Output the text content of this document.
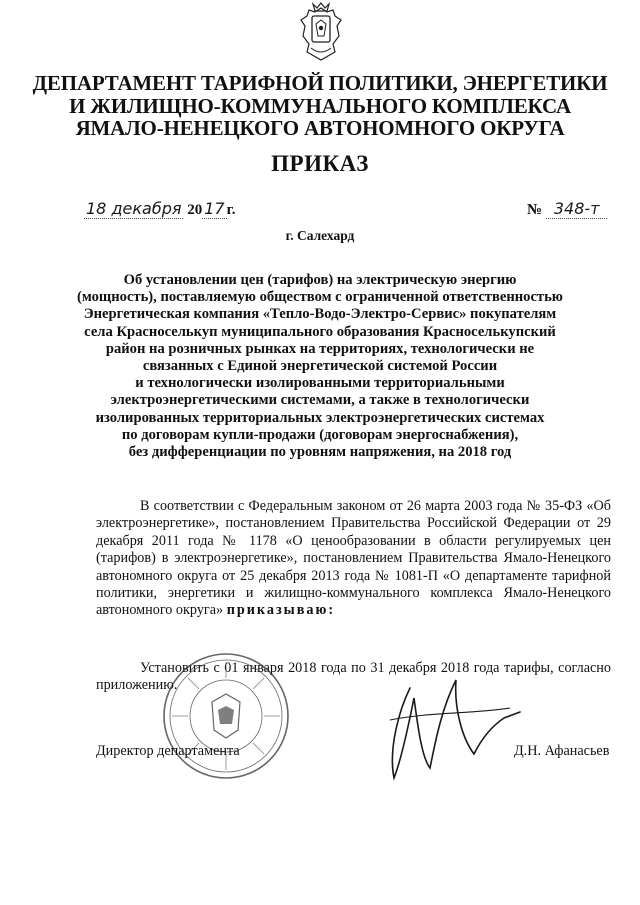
ДЕПАРТАМЕНТ ТАРИФНОЙ ПОЛИТИКИ, ЭНЕРГЕТИКИ
И ЖИЛИЩНО-КОММУНАЛЬНОГО КОМПЛЕКСА
ЯМАЛО-НЕНЕЦКОГО АВТОНОМНОГО ОКРУГА
ПРИКАЗ
18 декабря 20 17 г.	№ 348-т
г. Салехард
Об установлении цен (тарифов) на электрическую энергию
(мощность), поставляемую обществом с ограниченной ответственностью
Энергетическая компания «Тепло-Водо-Электро-Сервис» покупателям
села Красноселькуп муниципального образования Красноселькупский
район на розничных рынках на территориях, технологически не
связанных с Единой энергетической системой России
и технологически изолированными территориальными
электроэнергетическими системами, а также в технологически
изолированных территориальных электроэнергетических системах
по договорам купли-продажи (договорам энергоснабжения),
без дифференциации по уровням напряжения, на 2018 год

В соответствии с Федеральным законом от 26 марта 2003 года № 35-ФЗ «Об электроэнергетике», постановлением Правительства Российской Федерации от 29 декабря 2011 года № 1178 «О ценообразовании в области регулируемых цен (тарифов) в электроэнергетике», постановлением Правительства Ямало-Ненецкого автономного округа от 25 декабря 2013 года № 1081-П «О департаменте тарифной политики, энергетики и жилищно-коммунального комплекса Ямало-Ненецкого автономного округа» приказываю:

Установить с 01 января 2018 года по 31 декабря 2018 года тарифы, согласно приложению.

Директор департамента	Д.Н. Афанасьев
